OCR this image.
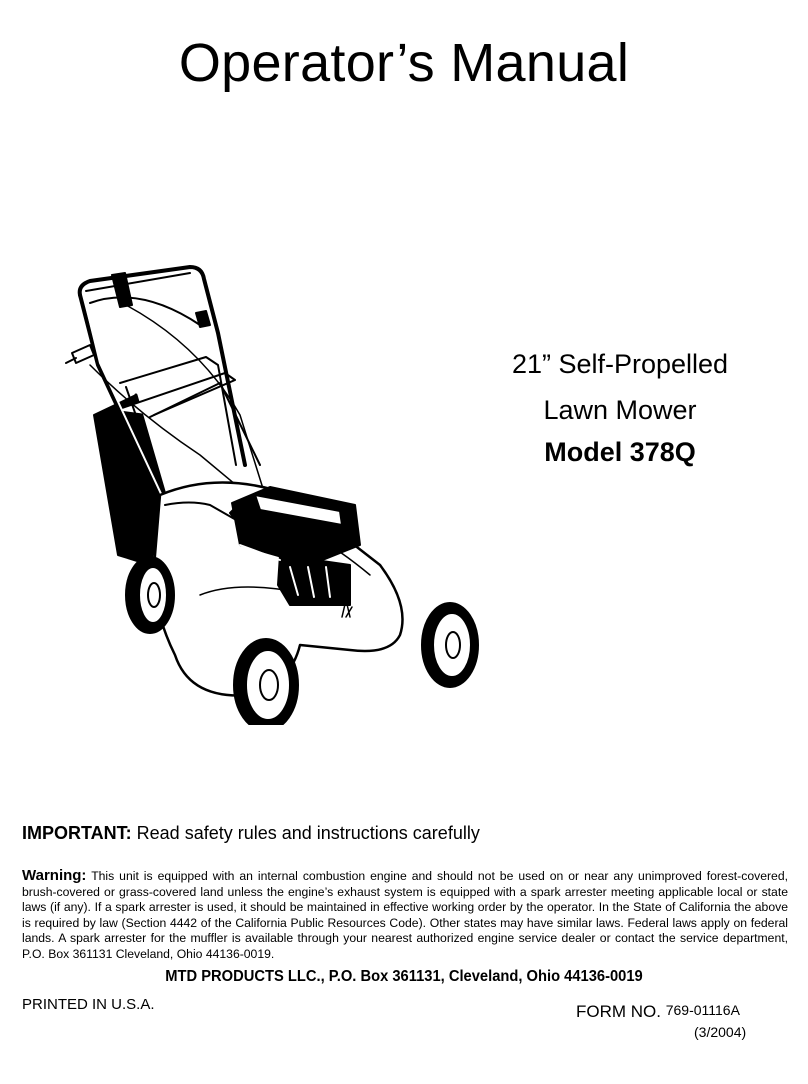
Operator’s Manual
21” Self-Propelled
Lawn Mower
Model 378Q
IMPORTANT: Read safety rules and instructions carefully
Warning: This unit is equipped with an internal combustion engine and should not be used on or near any unimproved forest-covered, brush-covered or grass-covered land unless the engine’s exhaust system is equipped with a spark arrester meeting applicable local or state laws (if any). If a spark arrester is used, it should be maintained in effective working order by the operator. In the State of California the above is required by law (Section 4442 of the California Public Resources Code). Other states may have similar laws. Federal laws apply on federal lands. A spark arrester for the muffler is available through your nearest authorized engine service dealer or contact the service department, P.O. Box 361131 Cleveland, Ohio 44136-0019.
MTD PRODUCTS LLC., P.O. Box 361131, Cleveland, Ohio 44136-0019
PRINTED IN U.S.A.	FORM NO. 769-01116A
(3/2004)
